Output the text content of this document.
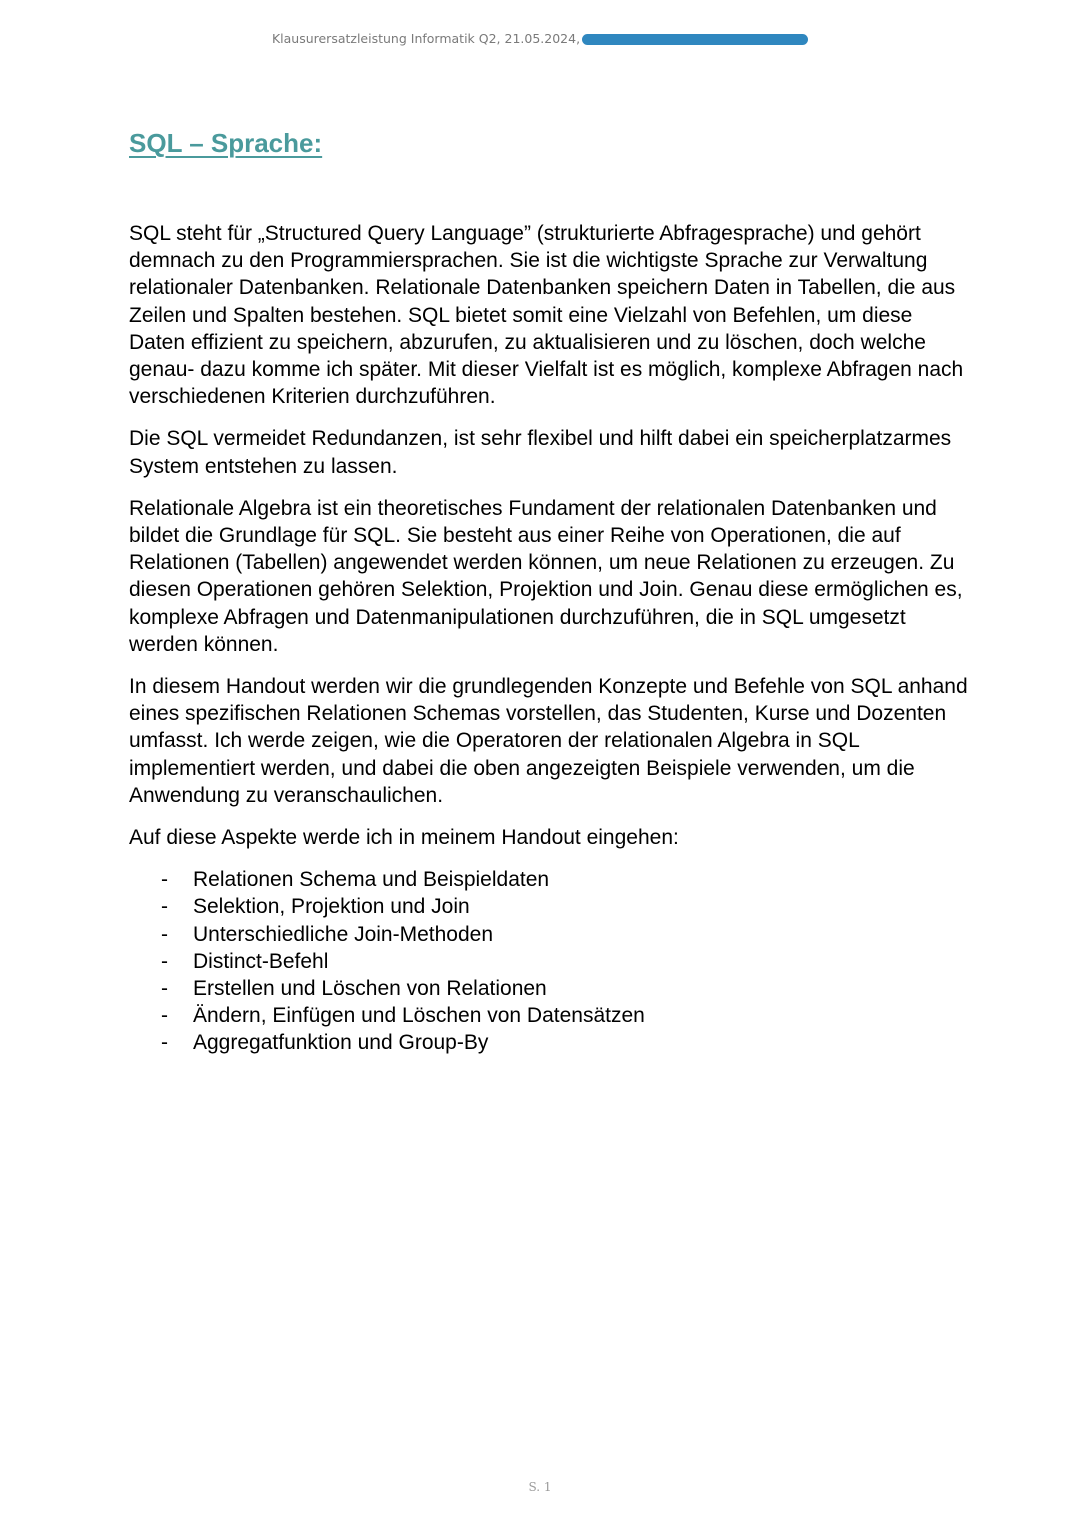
Klausurersatzleistung Informatik Q2, 21.05.2024,
SQL – Sprache:

SQL steht für „Structured Query Language” (strukturierte Abfragesprache) und gehört demnach zu den Programmiersprachen. Sie ist die wichtigste Sprache zur Verwaltung relationaler Datenbanken. Relationale Datenbanken speichern Daten in Tabellen, die aus Zeilen und Spalten bestehen. SQL bietet somit eine Vielzahl von Befehlen, um diese Daten effizient zu speichern, abzurufen, zu aktualisieren und zu löschen, doch welche genau- dazu komme ich später. Mit dieser Vielfalt ist es möglich, komplexe Abfragen nach verschiedenen Kriterien durchzuführen.

Die SQL vermeidet Redundanzen, ist sehr flexibel und hilft dabei ein speicherplatzarmes System entstehen zu lassen.

Relationale Algebra ist ein theoretisches Fundament der relationalen Datenbanken und bildet die Grundlage für SQL. Sie besteht aus einer Reihe von Operationen, die auf Relationen (Tabellen) angewendet werden können, um neue Relationen zu erzeugen. Zu diesen Operationen gehören Selektion, Projektion und Join. Genau diese ermöglichen es, komplexe Abfragen und Datenmanipulationen durchzuführen, die in SQL umgesetzt werden können.

In diesem Handout werden wir die grundlegenden Konzepte und Befehle von SQL anhand eines spezifischen Relationen Schemas vorstellen, das Studenten, Kurse und Dozenten umfasst. Ich werde zeigen, wie die Operatoren der relationalen Algebra in SQL implementiert werden, und dabei die oben angezeigten Beispiele verwenden, um die Anwendung zu veranschaulichen.

Auf diese Aspekte werde ich in meinem Handout eingehen:

-	Relationen Schema und Beispieldaten
-	Selektion, Projektion und Join
-	Unterschiedliche Join-Methoden
-	Distinct-Befehl
-	Erstellen und Löschen von Relationen
-	Ändern, Einfügen und Löschen von Datensätzen
-	Aggregatfunktion und Group-By
S. 1
